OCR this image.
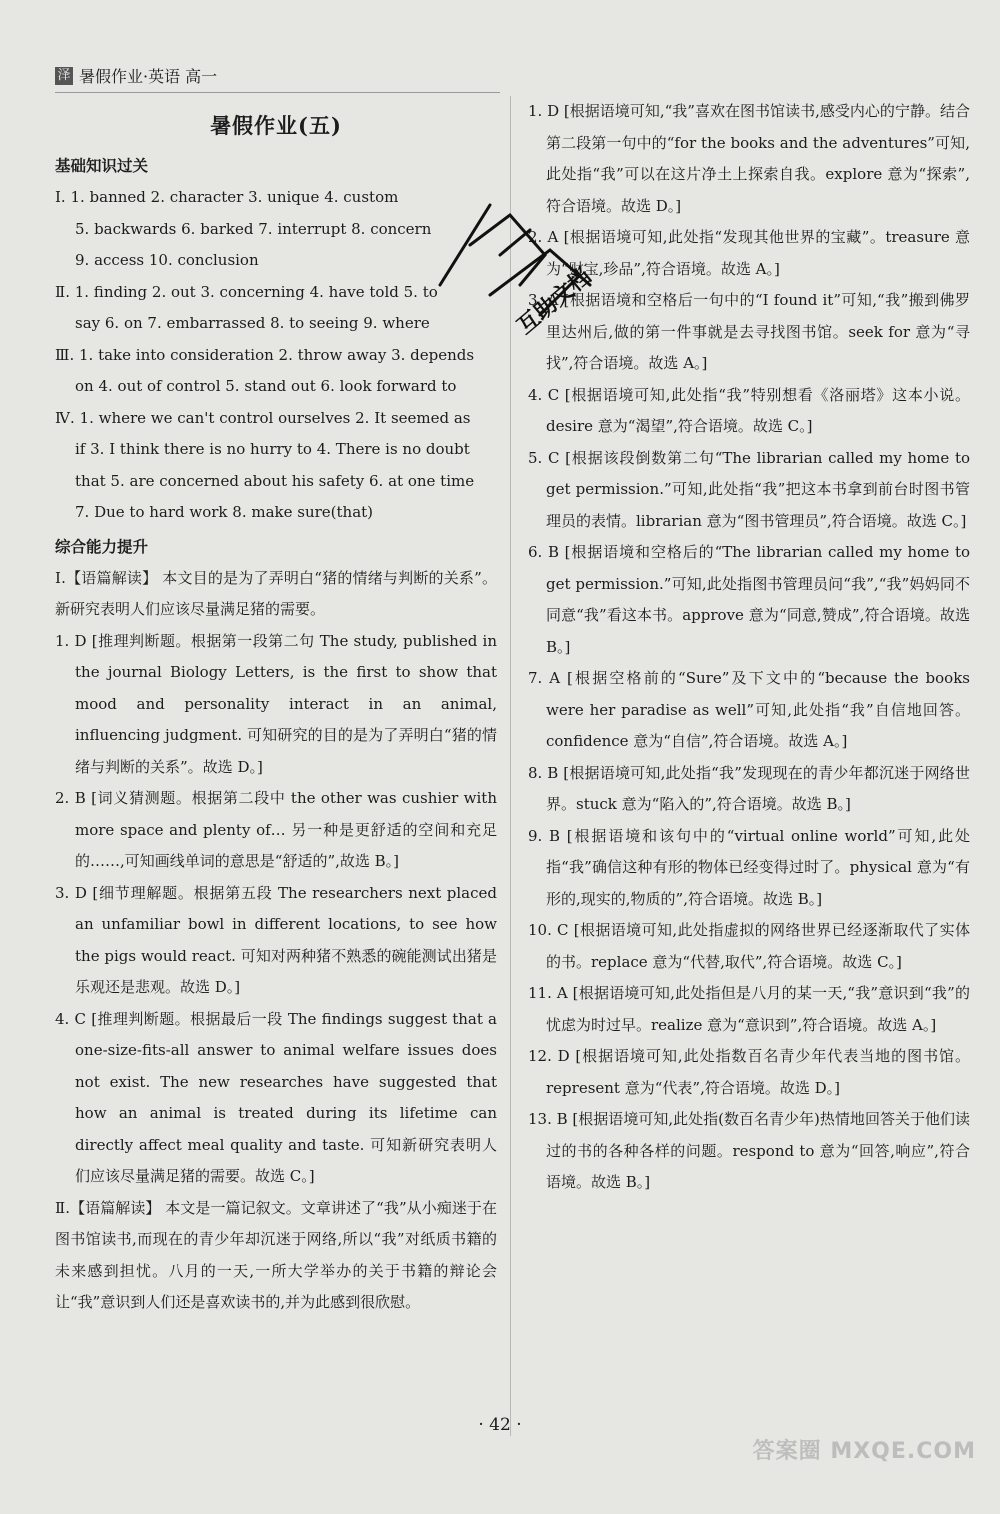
泽 暑假作业·英语 高一
暑假作业(五)
基础知识过关

Ⅰ. 1. banned 2. character 3. unique 4. custom

5. backwards 6. barked 7. interrupt 8. concern

9. access 10. conclusion

Ⅱ. 1. finding 2. out 3. concerning 4. have told 5. to

say 6. on 7. embarrassed 8. to seeing 9. where

Ⅲ. 1. take into consideration 2. throw away 3. depends

on 4. out of control 5. stand out 6. look forward to

Ⅳ. 1. where we can't control ourselves 2. It seemed as

if 3. I think there is no hurry to 4. There is no doubt

that 5. are concerned about his safety 6. at one time

7. Due to hard work 8. make sure(that)

综合能力提升

Ⅰ.【语篇解读】 本文目的是为了弄明白“猪的情绪与判断的关系”。新研究表明人们应该尽量满足猪的需要。

1. D [推理判断题。根据第一段第二句 The study, published in the journal Biology Letters, is the first to show that mood and personality interact in an animal, influencing judgment. 可知研究的目的是为了弄明白“猪的情绪与判断的关系”。故选 D。]

2. B [词义猜测题。根据第二段中 the other was cushier with more space and plenty of… 另一种是更舒适的空间和充足的……,可知画线单词的意思是“舒适的”,故选 B。]

3. D [细节理解题。根据第五段 The researchers next placed an unfamiliar bowl in different locations, to see how the pigs would react. 可知对两种猪不熟悉的碗能测试出猪是乐观还是悲观。故选 D。]

4. C [推理判断题。根据最后一段 The findings suggest that a one-size-fits-all answer to animal welfare issues does not exist. The new researches have suggested that how an animal is treated during its lifetime can directly affect meal quality and taste. 可知新研究表明人们应该尽量满足猪的需要。故选 C。]

Ⅱ.【语篇解读】 本文是一篇记叙文。文章讲述了“我”从小痴迷于在图书馆读书,而现在的青少年却沉迷于网络,所以“我”对纸质书籍的未来感到担忧。八月的一天,一所大学举办的关于书籍的辩论会让“我”意识到人们还是喜欢读书的,并为此感到很欣慰。

1. D [根据语境可知,“我”喜欢在图书馆读书,感受内心的宁静。结合第二段第一句中的“for the books and the adventures”可知,此处指“我”可以在这片净土上探索自我。explore 意为“探索”,符合语境。故选 D。]

2. A [根据语境可知,此处指“发现其他世界的宝藏”。treasure 意为“财宝,珍品”,符合语境。故选 A。]

3. A [根据语境和空格后一句中的“I found it”可知,“我”搬到佛罗里达州后,做的第一件事就是去寻找图书馆。seek for 意为“寻找”,符合语境。故选 A。]

4. C [根据语境可知,此处指“我”特别想看《洛丽塔》这本小说。desire 意为“渴望”,符合语境。故选 C。]

5. C [根据该段倒数第二句“The librarian called my home to get permission.”可知,此处指“我”把这本书拿到前台时图书管理员的表情。librarian 意为“图书管理员”,符合语境。故选 C。]

6. B [根据语境和空格后的“The librarian called my home to get permission.”可知,此处指图书管理员问“我”,“我”妈妈同不同意“我”看这本书。approve 意为“同意,赞成”,符合语境。故选 B。]

7. A [根据空格前的“Sure”及下文中的“because the books were her paradise as well”可知,此处指“我”自信地回答。confidence 意为“自信”,符合语境。故选 A。]

8. B [根据语境可知,此处指“我”发现现在的青少年都沉迷于网络世界。stuck 意为“陷入的”,符合语境。故选 B。]

9. B [根据语境和该句中的“virtual online world”可知,此处指“我”确信这种有形的物体已经变得过时了。physical 意为“有形的,现实的,物质的”,符合语境。故选 B。]

10. C [根据语境可知,此处指虚拟的网络世界已经逐渐取代了实体的书。replace 意为“代替,取代”,符合语境。故选 C。]

11. A [根据语境可知,此处指但是八月的某一天,“我”意识到“我”的忧虑为时过早。realize 意为“意识到”,符合语境。故选 A。]

12. D [根据语境可知,此处指数百名青少年代表当地的图书馆。represent 意为“代表”,符合语境。故选 D。]

13. B [根据语境可知,此处指(数百名青少年)热情地回答关于他们读过的书的各种各样的问题。respond to 意为“回答,响应”,符合语境。故选 B。]

互助文档
· 42 ·
答案圈 MXQE.COM
